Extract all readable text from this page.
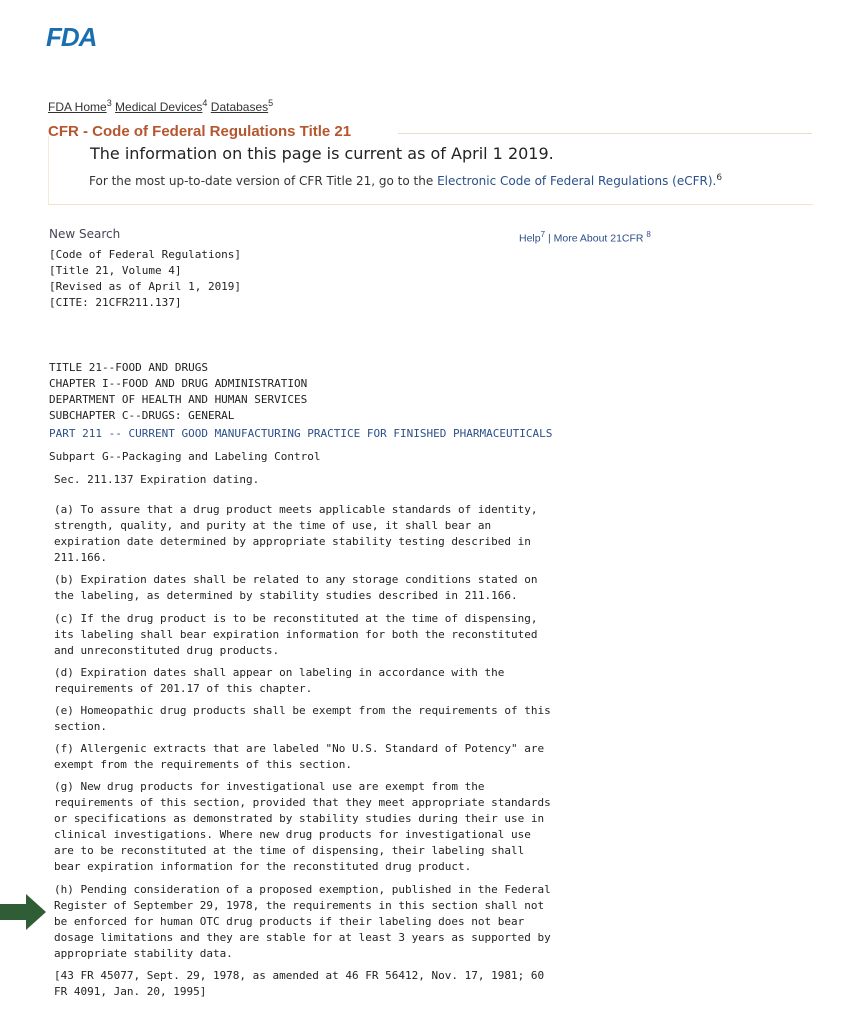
FDA
FDA Home$^3$ Medical Devices$^4$ Databases$^5$
CFR - Code of Federal Regulations Title 21
The information on this page is current as of April 1 2019.
For the most up-to-date version of CFR Title 21, go to the Electronic Code of Federal Regulations (eCFR).$^6$
New Search	Help$^7$ | More About 21CFR $^8$
[Code of Federal Regulations]
[Title 21, Volume 4]
[Revised as of April 1, 2019]
[CITE: 21CFR211.137]
TITLE 21--FOOD AND DRUGS
CHAPTER I--FOOD AND DRUG ADMINISTRATION
DEPARTMENT OF HEALTH AND HUMAN SERVICES
SUBCHAPTER C--DRUGS: GENERAL
PART 211 -- CURRENT GOOD MANUFACTURING PRACTICE FOR FINISHED PHARMACEUTICALS
Subpart G--Packaging and Labeling Control
Sec. 211.137 Expiration dating.
(a) To assure that a drug product meets applicable standards of identity,
strength, quality, and purity at the time of use, it shall bear an
expiration date determined by appropriate stability testing described in
211.166.
(b) Expiration dates shall be related to any storage conditions stated on
the labeling, as determined by stability studies described in 211.166.
(c) If the drug product is to be reconstituted at the time of dispensing,
its labeling shall bear expiration information for both the reconstituted
and unreconstituted drug products.
(d) Expiration dates shall appear on labeling in accordance with the
requirements of 201.17 of this chapter.
(e) Homeopathic drug products shall be exempt from the requirements of this
section.
(f) Allergenic extracts that are labeled "No U.S. Standard of Potency" are
exempt from the requirements of this section.
(g) New drug products for investigational use are exempt from the
requirements of this section, provided that they meet appropriate standards
or specifications as demonstrated by stability studies during their use in
clinical investigations. Where new drug products for investigational use
are to be reconstituted at the time of dispensing, their labeling shall
bear expiration information for the reconstituted drug product.
(h) Pending consideration of a proposed exemption, published in the Federal
Register of September 29, 1978, the requirements in this section shall not
be enforced for human OTC drug products if their labeling does not bear
dosage limitations and they are stable for at least 3 years as supported by
appropriate stability data.
[43 FR 45077, Sept. 29, 1978, as amended at 46 FR 56412, Nov. 17, 1981; 60
FR 4091, Jan. 20, 1995]
